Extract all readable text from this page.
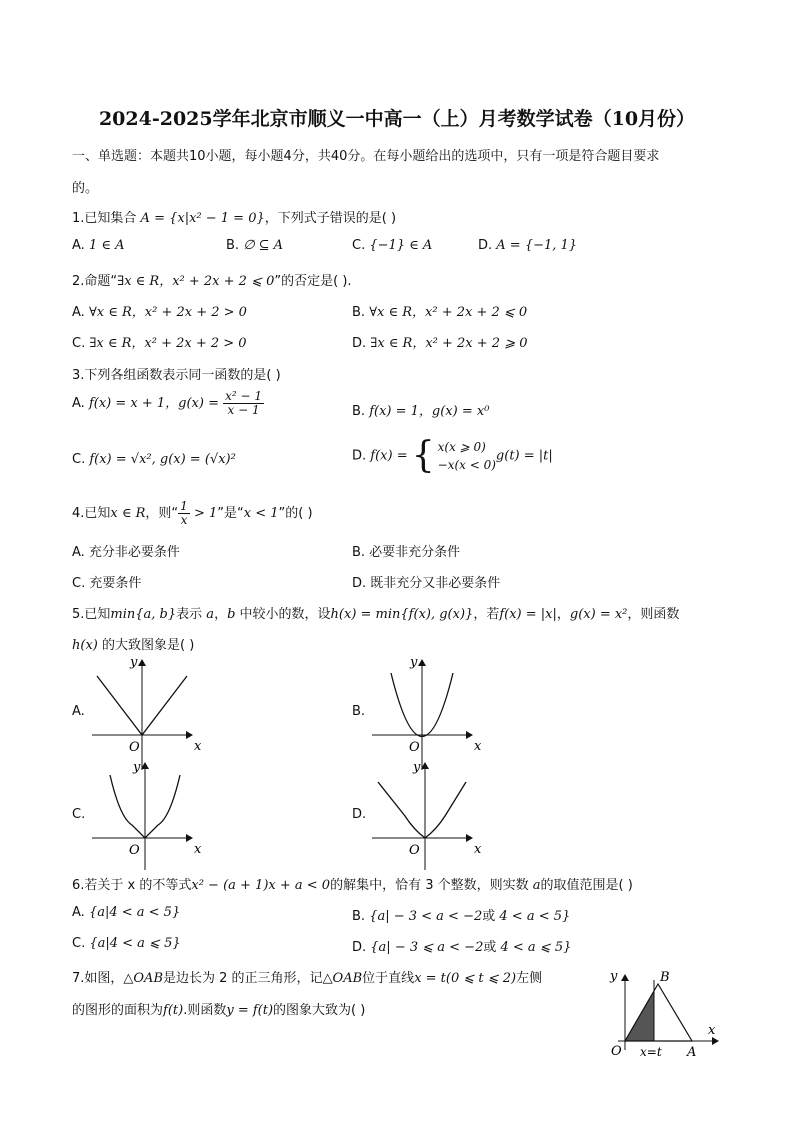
2024-2025学年北京市顺义一中高一（上）月考数学试卷（10月份）
一、单选题：本题共10小题，每小题4分，共40分。在每小题给出的选项中，只有一项是符合题目要求
的。
1.已知集合 A = {x|x² − 1 = 0}，下列式子错误的是( )
A. 1 ∈ A	B. ∅ ⊆ A	C. {−1} ∈ A	D. A = {−1, 1}
2.命题“∃x ∈ R，x² + 2x + 2 ⩽ 0”的否定是( ).
A. ∀x ∈ R，x² + 2x + 2 > 0	B. ∀x ∈ R，x² + 2x + 2 ⩽ 0
C. ∃x ∈ R，x² + 2x + 2 > 0	D. ∃x ∈ R，x² + 2x + 2 ⩾ 0
3.下列各组函数表示同一函数的是( )
A. f(x) = x + 1，$g(x) = \frac{\text{x² − 1}}{x - 1}$	B. f(x) = 1，g(x) = x⁰
C. f(x) = √x², g(x) = (√x)²	D. f(x) = { x(x ⩾ 0)
−x(x < 0)
g(t) = |t|
4.已知x ∈ R，则“ $\frac{1}{x} > 1$”是“x < 1”的( )
A. 充分非必要条件	B. 必要非充分条件
C. 充要条件	D. 既非充分又非必要条件
5.已知min{a, b}表示 a，b 中较小的数，设h(x) = min{f(x), g(x)}，若f(x) = |x|，g(x) = x²，则函数
h(x) 的大致图象是( )
A.	B.
C.	D.
y
x
O
y
x
O
y
x
O
y
x
O
y	B
x
O x=t A
6.若关于 x 的不等式x² − (a + 1)x + a < 0的解集中，恰有 3 个整数，则实数 a的取值范围是( )
A. {a|4 < a < 5}	B. {a| − 3 < a < −2或 4 < a < 5}
C. {a|4 < a ⩽ 5}	D. {a| − 3 ⩽ a < −2或 4 < a ⩽ 5}
7.如图，△OAB是边长为 2 的正三角形，记△OAB位于直线x = t(0 ⩽ t ⩽ 2)左侧
的图形的面积为f(t).则函数y = f(t)的图象大致为( )
